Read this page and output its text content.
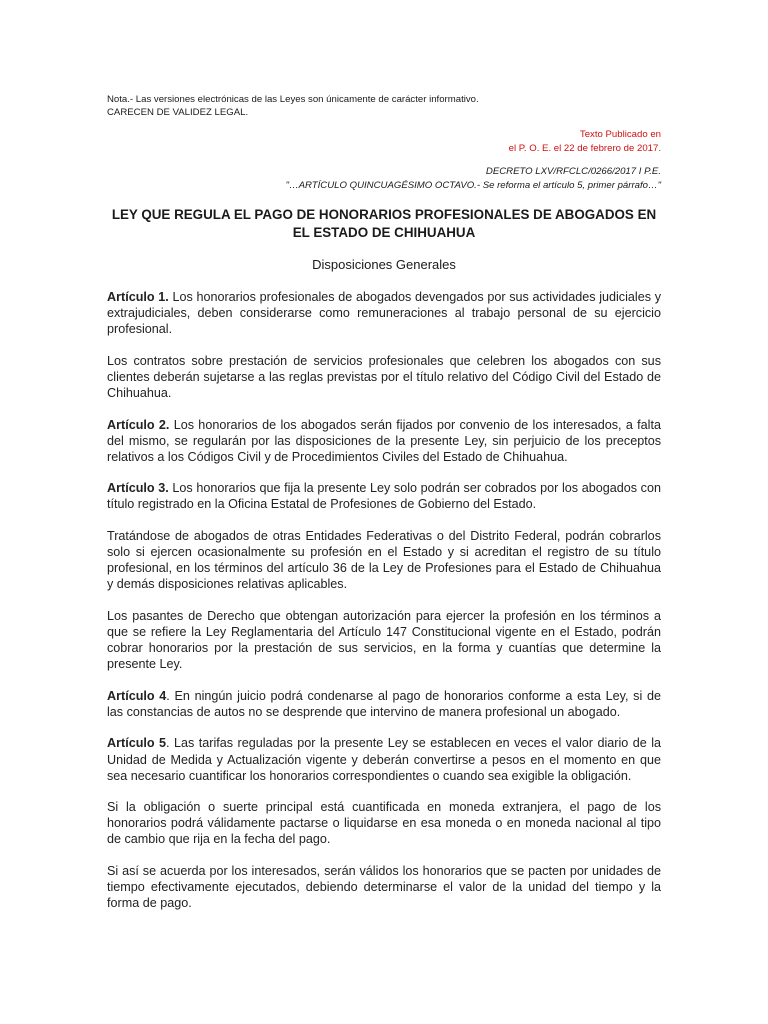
Nota.- Las versiones electrónicas de las Leyes son únicamente de carácter informativo.
CARECEN DE VALIDEZ LEGAL.
Texto Publicado en
el P. O. E. el 22 de febrero de 2017.
DECRETO LXV/RFCLC/0266/2017 I P.E.
"…ARTÍCULO QUINCUAGÉSIMO OCTAVO.- Se reforma el artículo 5, primer párrafo…"
LEY QUE REGULA EL PAGO DE HONORARIOS PROFESIONALES DE ABOGADOS EN EL ESTADO DE CHIHUAHUA
Disposiciones Generales

Artículo 1. Los honorarios profesionales de abogados devengados por sus actividades judiciales y extrajudiciales, deben considerarse como remuneraciones al trabajo personal de su ejercicio profesional.

Los contratos sobre prestación de servicios profesionales que celebren los abogados con sus clientes deberán sujetarse a las reglas previstas por el título relativo del Código Civil del Estado de Chihuahua.

Artículo 2. Los honorarios de los abogados serán fijados por convenio de los interesados, a falta del mismo, se regularán por las disposiciones de la presente Ley, sin perjuicio de los preceptos relativos a los Códigos Civil y de Procedimientos Civiles del Estado de Chihuahua.

Artículo 3. Los honorarios que fija la presente Ley solo podrán ser cobrados por los abogados con título registrado en la Oficina Estatal de Profesiones de Gobierno del Estado.

Tratándose de abogados de otras Entidades Federativas o del Distrito Federal, podrán cobrarlos solo si ejercen ocasionalmente su profesión en el Estado y si acreditan el registro de su título profesional, en los términos del artículo 36 de la Ley de Profesiones para el Estado de Chihuahua y demás disposiciones relativas aplicables.

Los pasantes de Derecho que obtengan autorización para ejercer la profesión en los términos a que se refiere la Ley Reglamentaria del Artículo 147 Constitucional vigente en el Estado, podrán cobrar honorarios por la prestación de sus servicios, en la forma y cuantías que determine la presente Ley.

Artículo 4. En ningún juicio podrá condenarse al pago de honorarios conforme a esta Ley, si de las constancias de autos no se desprende que intervino de manera profesional un abogado.

Artículo 5. Las tarifas reguladas por la presente Ley se establecen en veces el valor diario de la Unidad de Medida y Actualización vigente y deberán convertirse a pesos en el momento en que sea necesario cuantificar los honorarios correspondientes o cuando sea exigible la obligación.

Si la obligación o suerte principal está cuantificada en moneda extranjera, el pago de los honorarios podrá válidamente pactarse o liquidarse en esa moneda o en moneda nacional al tipo de cambio que rija en la fecha del pago.

Si así se acuerda por los interesados, serán válidos los honorarios que se pacten por unidades de tiempo efectivamente ejecutados, debiendo determinarse el valor de la unidad del tiempo y la forma de pago.
